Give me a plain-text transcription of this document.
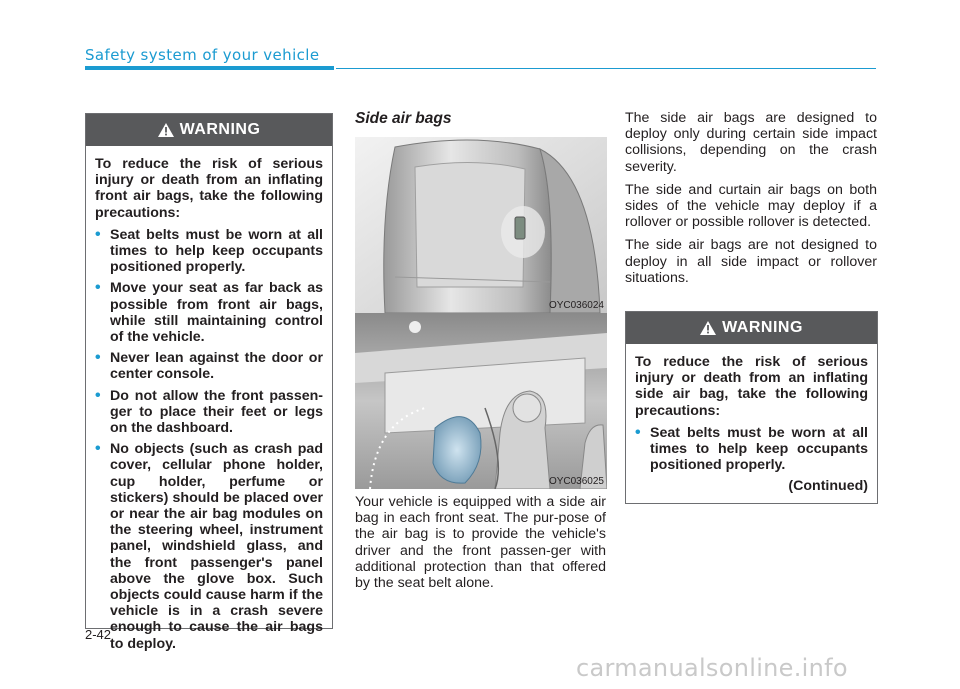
Safety system of your vehicle
WARNING

To reduce the risk of serious injury or death from an inflating front air bags, take the following precautions:

• Seat belts must be worn at all times to help keep occupants positioned properly.
• Move your seat as far back as possible from front air bags, while still maintaining control of the vehicle.
• Never lean against the door or center console.
• Do not allow the front passen-ger to place their feet or legs on the dashboard.
• No objects (such as crash pad cover, cellular phone holder, cup holder, perfume or stickers) should be placed over or near the air bag modules on the steering wheel, instrument panel, windshield glass, and the front passenger's panel above the glove box. Such objects could cause harm if the vehicle is in a crash severe enough to cause the air bags to deploy.
Side air bags
OYC036024
OYC036025

Your vehicle is equipped with a side air bag in each front seat. The pur-pose of the air bag is to provide the vehicle's driver and the front passen-ger with additional protection than that offered by the seat belt alone.

The side air bags are designed to deploy only during certain side impact collisions, depending on the crash severity.

The side and curtain air bags on both sides of the vehicle may deploy if a rollover or possible rollover is detected.

The side air bags are not designed to deploy in all side impact or rollover situations.

WARNING

To reduce the risk of serious injury or death from an inflating side air bag, take the following precautions:

• Seat belts must be worn at all times to help keep occupants positioned properly.
(Continued)
2-42
carmanualsonline.info
